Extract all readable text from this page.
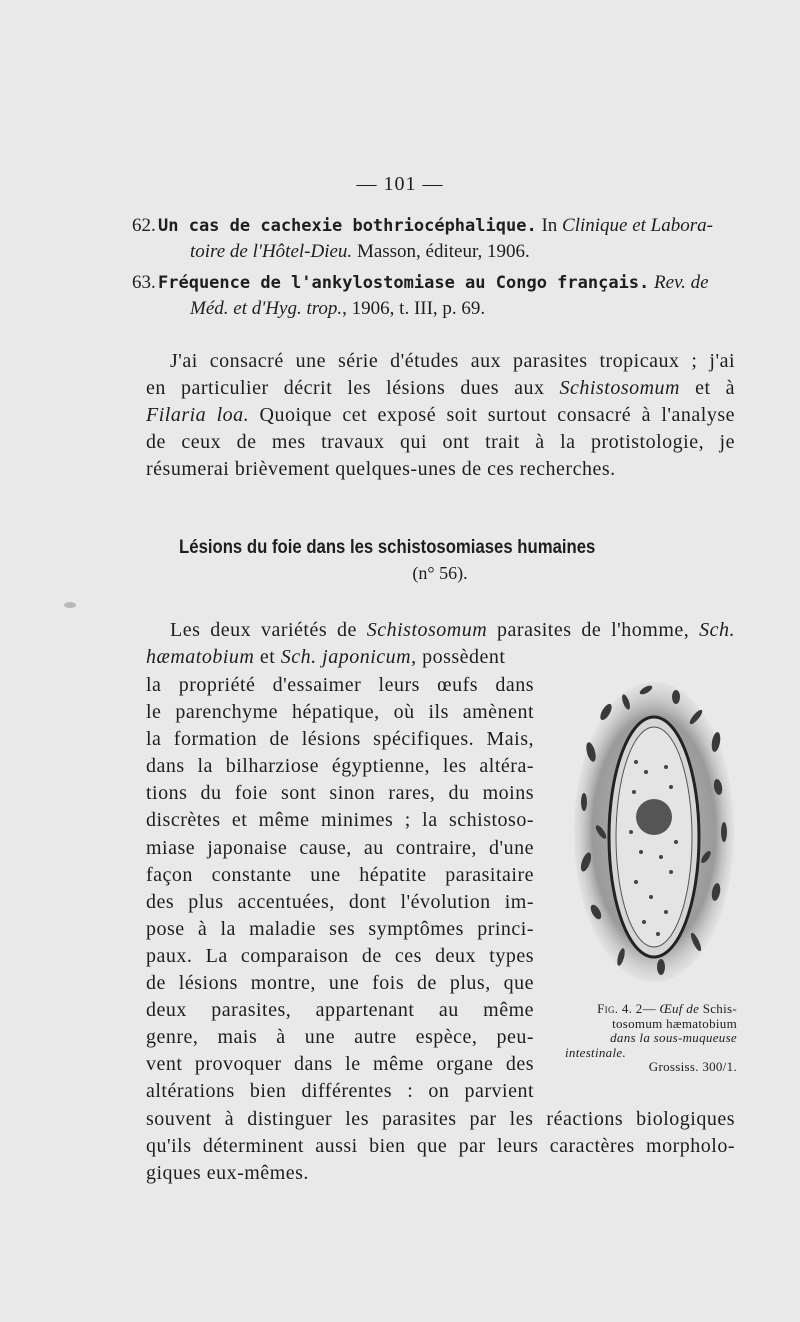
— 101 —
62. Un cas de cachexie bothriocéphalique. In Clinique et Labora-
toire de l'Hôtel-Dieu. Masson, éditeur, 1906.
63. Fréquence de l'ankylostomiase au Congo français. Rev. de
Méd. et d'Hyg. trop., 1906, t. III, p. 69.
J'ai consacré une série d'études aux parasites tropicaux ; j'ai
en particulier décrit les lésions dues aux Schistosomum et à
Filaria loa. Quoique cet exposé soit surtout consacré à l'analyse
de ceux de mes travaux qui ont trait à la protistologie, je
résumerai brièvement quelques-unes de ces recherches.
Lésions du foie dans les schistosomiases humaines
(n° 56).
Les deux variétés de Schistosomum parasites de l'homme, Sch.
hæmatobium et Sch. japonicum, possèdent
la propriété d'essaimer leurs œufs dans
le parenchyme hépatique, où ils amènent
la formation de lésions spécifiques. Mais,
dans la bilharziose égyptienne, les altéra-
tions du foie sont sinon rares, du moins
discrètes et même minimes ; la schistoso-
miase japonaise cause, au contraire, d'une
façon constante une hépatite parasitaire
des plus accentuées, dont l'évolution im-
pose à la maladie ses symptômes princi-
paux. La comparaison de ces deux types
de lésions montre, une fois de plus, que
deux parasites, appartenant au même
genre, mais à une autre espèce, peu-
vent provoquer dans le même organe des
altérations bien différentes : on parvient
souvent à distinguer les parasites par les réactions biologiques
qu'ils déterminent aussi bien que par leurs caractères morpholo-
giques eux-mêmes.
Fig. 4. 2— Œuf de Schis-
tosomum hæmatobium
dans la sous-muqueuse
intestinale.
Grossiss. 300/1.
